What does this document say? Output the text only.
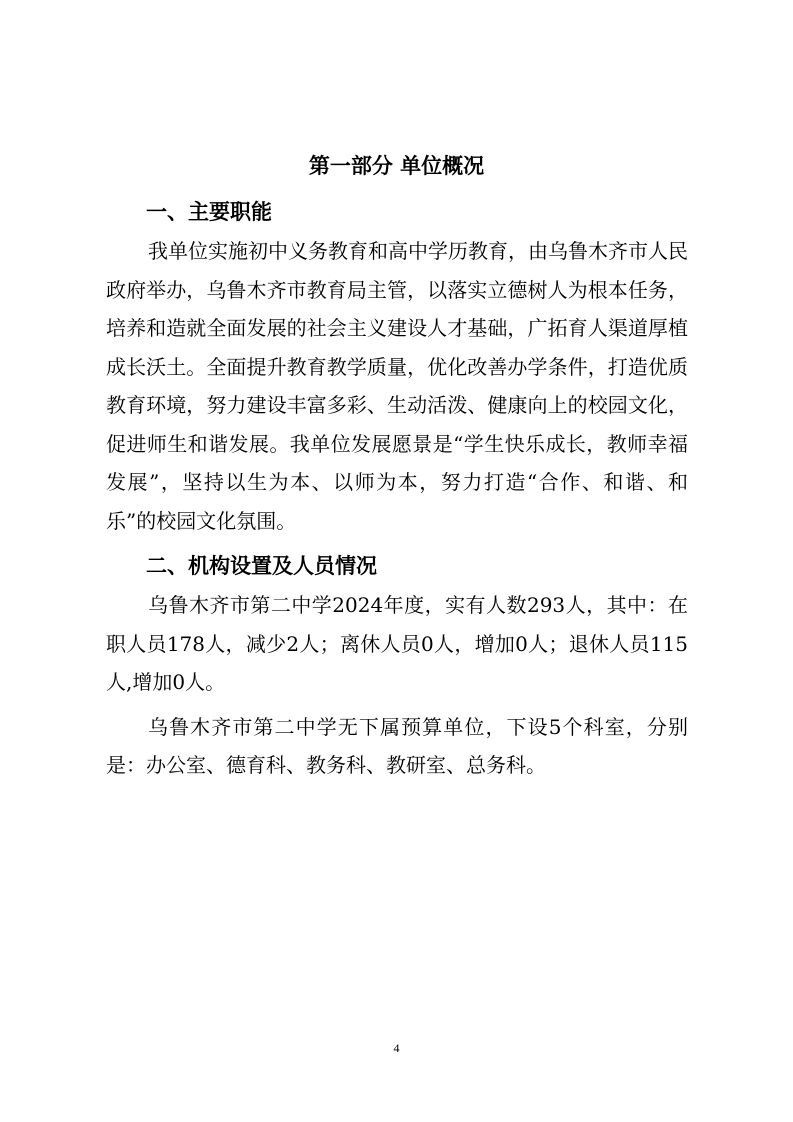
第一部分 单位概况
一、主要职能

我单位实施初中义务教育和高中学历教育，由乌鲁木齐市人民政府举办，乌鲁木齐市教育局主管，以落实立德树人为根本任务，培养和造就全面发展的社会主义建设人才基础，广拓育人渠道厚植成长沃土。全面提升教育教学质量，优化改善办学条件，打造优质教育环境，努力建设丰富多彩、生动活泼、健康向上的校园文化，促进师生和谐发展。我单位发展愿景是“学生快乐成长，教师幸福发展”，坚持以生为本、以师为本，努力打造“合作、和谐、和乐”的校园文化氛围。

二、机构设置及人员情况

乌鲁木齐市第二中学2024年度，实有人数293人，其中：在职人员178人，减少2人；离休人员0人，增加0人；退休人员115人,增加0人。

乌鲁木齐市第二中学无下属预算单位，下设5个科室，分别是：办公室、德育科、教务科、教研室、总务科。

4
